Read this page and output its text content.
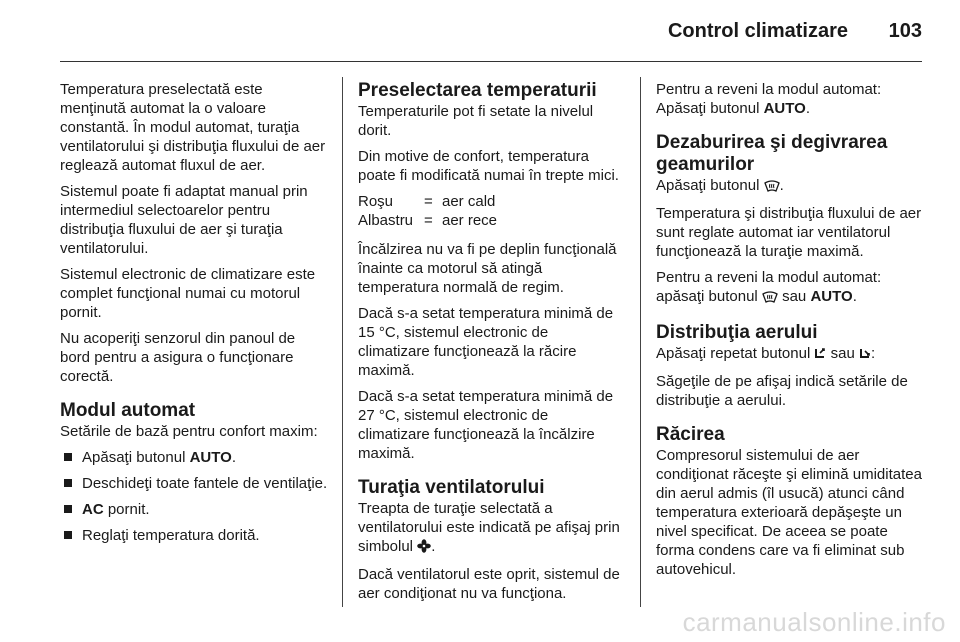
Control climatizare 103

Temperatura preselectată este menţinută automat la o valoare constantă. În modul automat, turaţia ventilatorului şi distribuţia fluxului de aer reglează automat fluxul de aer.

Sistemul poate fi adaptat manual prin intermediul selectoarelor pentru distribuţia fluxului de aer şi turaţia ventilatorului.

Sistemul electronic de climatizare este complet funcţional numai cu motorul pornit.

Nu acoperiţi senzorul din panoul de bord pentru a asigura o funcţionare corectă.

Modul automat

Setările de bază pentru confort maxim:

Apăsaţi butonul AUTO.
Deschideţi toate fantele de ventilaţie.
AC pornit.
Reglaţi temperatura dorită.
Preselectarea temperaturii

Temperaturile pot fi setate la nivelul dorit.

Din motive de confort, temperatura poate fi modificată numai în trepte mici.

Roşu	=	aer cald
Albastru	=	aer rece

Încălzirea nu va fi pe deplin funcţională înainte ca motorul să atingă temperatura normală de regim.

Dacă s-a setat temperatura minimă de 15 °C, sistemul electronic de climatizare funcţionează la răcire maximă.

Dacă s-a setat temperatura minimă de 27 °C, sistemul electronic de climatizare funcţionează la încălzire maximă.

Turaţia ventilatorului

Treapta de turaţie selectată a ventilatorului este indicată pe afişaj prin simbolul .

Dacă ventilatorul este oprit, sistemul de aer condiţionat nu va funcţiona.

Pentru a reveni la modul automat: Apăsaţi butonul AUTO.

Dezaburirea şi degivrarea geamurilor

Apăsaţi butonul .

Temperatura şi distribuţia fluxului de aer sunt reglate automat iar ventilatorul funcţionează la turaţie maximă.

Pentru a reveni la modul automat: apăsaţi butonul  sau AUTO.

Distribuţia aerului

Apăsaţi repetat butonul  sau :

Săgeţile de pe afişaj indică setările de distribuţie a aerului.

Răcirea

Compresorul sistemului de aer condiţionat răceşte şi elimină umiditatea din aerul admis (îl usucă) atunci când temperatura exterioară depăşeşte un nivel specificat. De aceea se poate forma condens care va fi eliminat sub autovehicul.

carmanualsonline.info
